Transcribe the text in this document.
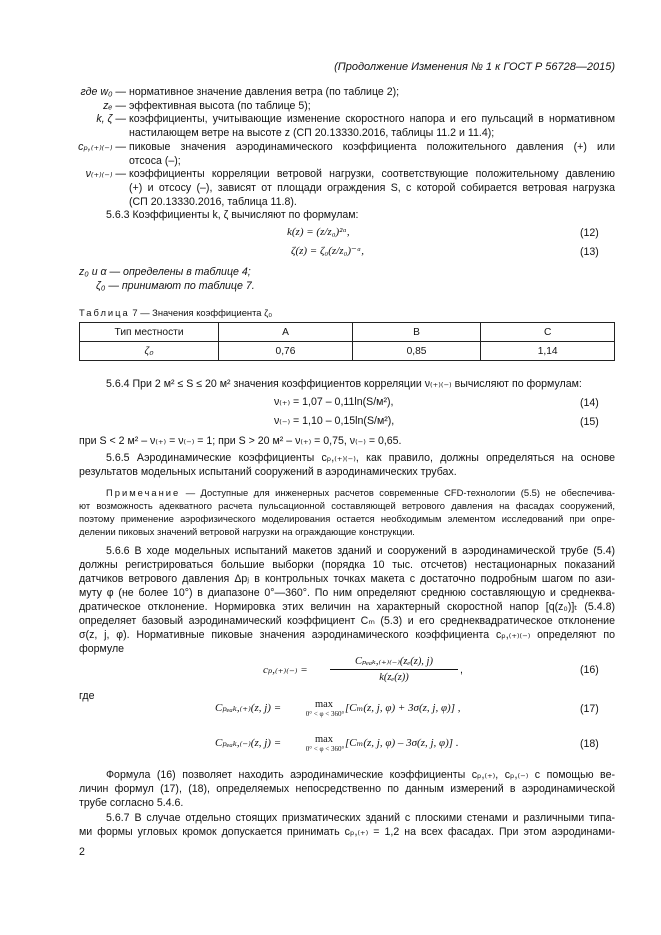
(Продолжение Изменения № 1 к ГОСТ Р 56728—2015)
где w₀ — нормативное значение давления ветра (по таблице 2);
zₑ — эффективная высота (по таблице 5);
k, ζ — коэффициенты, учитывающие изменение скоростного напора и его пульсаций в нормативном
настилающем ветре на высоте z (СП 20.13330.2016, таблицы 11.2 и 11.4);
cₚ,₍₊₎₍₋₎ — пиковые значения аэродинамического коэффициента положительного давления (+) или
отсоса (–);
ν₍₊₎₍₋₎ — коэффициенты корреляции ветровой нагрузки, соответствующие положительному давлению
(+) и отсосу (–), зависят от площади ограждения S, с которой собирается ветровая нагрузка
(СП 20.13330.2016, таблица 11.8).
5.6.3 Коэффициенты k, ζ вычисляют по формулам:
k(z) = (z/z₀)²ᵅ,	(12)
ζ(z) = ζ₀(z/z₀)⁻ᵅ,	(13)
z₀ и α — определены в таблице 4;
ζ₀ — принимают по таблице 7.
Таблица 7 — Значения коэффициента ζ₀
Тип местности	A	B	C
ζ₀	0,76	0,85	1,14
5.6.4 При 2 м² ≤ S ≤ 20 м² значения коэффициентов корреляции ν₍₊₎₍₋₎ вычисляют по формулам:
ν₍₊₎ = 1,07 – 0,11ln(S/м²),	(14)
ν₍₋₎ = 1,10 – 0,15ln(S/м²),	(15)
при S < 2 м² – ν₍₊₎ = ν₍₋₎ = 1; при S > 20 м² – ν₍₊₎ = 0,75, ν₍₋₎ = 0,65.
5.6.5 Аэродинамические коэффициенты cₚ,₍₊₎₍₋₎, как правило, должны определяться на основе
результатов модельных испытаний сооружений в аэродинамических трубах.
Примечание — Доступные для инженерных расчетов современные CFD-технологии (5.5) не обеспечива-
ют возможность адекватного расчета пульсационной составляющей ветрового давления на фасадах сооружений,
поэтому применение аэрофизического моделирования остается необходимым элементом исследований при опре-
делении пиковых значений ветровой нагрузки на ограждающие конструкции.
5.6.6 В ходе модельных испытаний макетов зданий и сооружений в аэродинамической трубе (5.4)
должны регистрироваться большие выборки (порядка 10 тыс. отсчетов) нестационарных показаний
датчиков ветрового давления Δpⱼ в контрольных точках макета с достаточно подробным шагом по ази-
муту φ (не более 10°) в диапазоне 0°—360°. По ним определяют среднюю составляющую и среднеква-
дратическое отклонение. Нормировка этих величин на характерный скоростной напор [q(z₀)]ₜ (5.4.8)
определяет базовый аэродинамический коэффициент Cₘ (5.3) и его среднеквадратическое отклонение
σ(z, j, φ). Нормативные пиковые значения аэродинамического коэффициента cₚ,₍₊₎₍₋₎ определяют по
формуле
cₚ,₍₊₎₍₋₎ =
Cₚₑₐₖ,₍₊₎₍₋₎(zₑ(z), j)
k(zₑ(z))
,	(16)
где
Cₚₑₐₖ,₍₊₎(z, j) =	max
0° < φ < 360° [Cₘ(z, j, φ) + 3σ(z, j, φ)] ,	(17)
Cₚₑₐₖ,₍₋₎(z, j) =	max
0° < φ < 360° [Cₘ(z, j, φ) – 3σ(z, j, φ)] .	(18)
Формула (16) позволяет находить аэродинамические коэффициенты cₚ,₍₊₎, cₚ,₍₋₎ с помощью ве-
личин формул (17), (18), определяемых непосредственно по данным измерений в аэродинамической
трубе согласно 5.4.6.
5.6.7 В случае отдельно стоящих призматических зданий с плоскими стенами и различными типа-
ми формы угловых кромок допускается принимать cₚ,₍₊₎ = 1,2 на всех фасадах. При этом аэродинами-
2
